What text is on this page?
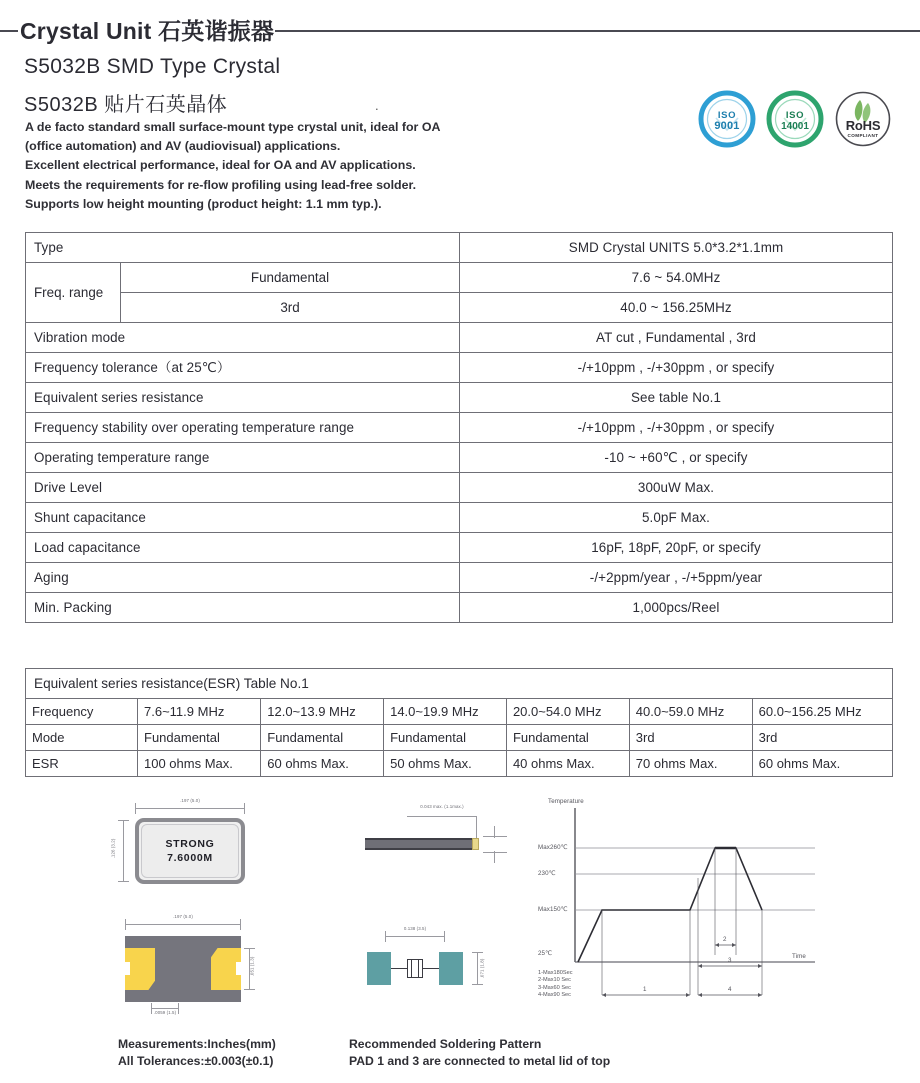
Crystal Unit 石英谐振器
S5032B SMD Type Crystal
S5032B 贴片石英晶体	.
A de facto standard small surface-mount type crystal unit, ideal for OA
(office automation) and AV (audiovisual) applications.
Excellent electrical performance, ideal for OA and AV applications.
Meets the requirements for re-flow profiling using lead-free solder.
Supports low height mounting (product height: 1.1 mm typ.).
ISO
9001
ISO
14001	RoHS
COMPLIANT
Type		SMD Crystal UNITS 5.0*3.2*1.1mm
Freq. range	Fundamental	7.6 ~ 54.0MHz
	3rd	40.0 ~ 156.25MHz
Vibration mode		AT cut , Fundamental , 3rd
Frequency tolerance（at 25℃）		-/+10ppm , -/+30ppm , or specify
Equivalent series resistance		See table No.1
Frequency stability over operating temperature range		-/+10ppm , -/+30ppm , or specify
Operating temperature range		-10 ~ +60℃ , or specify
Drive Level		300uW Max.
Shunt capacitance		5.0pF Max.
Load capacitance		16pF, 18pF, 20pF, or specify
Aging		-/+2ppm/year , -/+5ppm/year
Min. Packing		1,000pcs/Reel
Equivalent series resistance(ESR) Table No.1						
Frequency	7.6~11.9 MHz	12.0~13.9 MHz	14.0~19.9 MHz	20.0~54.0 MHz	40.0~59.0 MHz	60.0~156.25 MHz
Mode	Fundamental	Fundamental	Fundamental	Fundamental	3rd	3rd
ESR	100 ohms Max.	60 ohms Max.	50 ohms Max.	40 ohms Max.	70 ohms Max.	60 ohms Max.
.197 (5.0)
.126 (3.2)	STRONG
7.6000M
0.043 max. (1.1max.)
.197 (5.0)
.051 (1.3)
.0059 (1.5)
0.138 (3.5)
.071 (1.8)
Temperature
Time
Max260℃
230℃
Max150℃
25℃
2
3
1	4
1-Max180Sec
2-Max10 Sec
3-Max60 Sec
4-Max90 Sec
Measurements:Inches(mm)
All Tolerances:±0.003(±0.1)
Recommended Soldering Pattern
PAD 1 and 3 are connected to metal lid of top
